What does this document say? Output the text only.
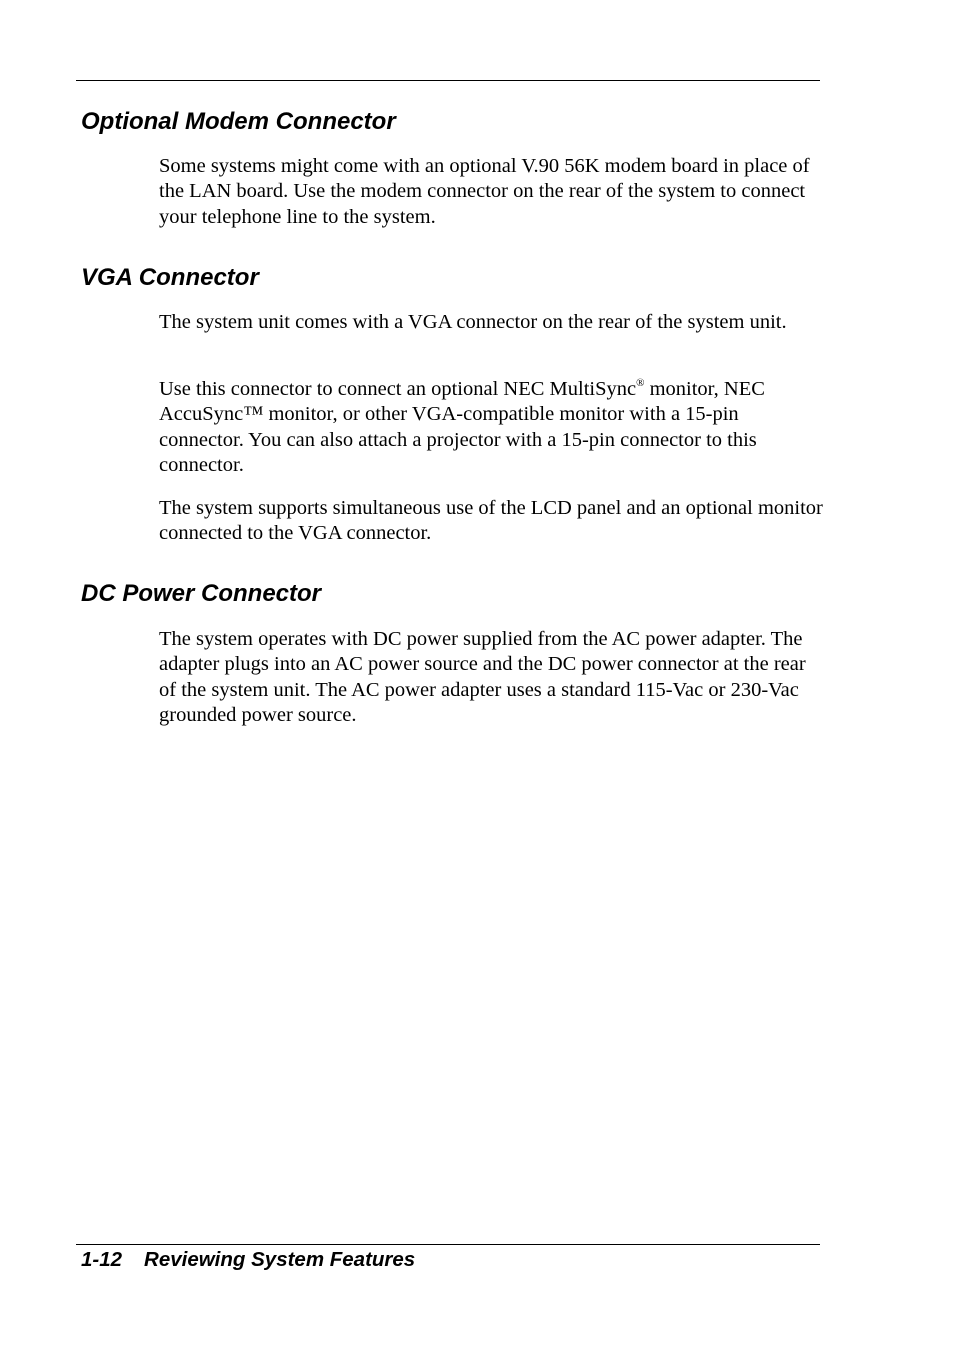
Optional Modem Connector

Some systems might come with an optional V.90 56K modem board in place of the LAN board. Use the modem connector on the rear of the system to connect your telephone line to the system.

VGA Connector

The system unit comes with a VGA connector on the rear of the system unit.

Use this connector to connect an optional NEC MultiSync® monitor, NEC AccuSync™ monitor, or other VGA-compatible monitor with a 15-pin connector. You can also attach a projector with a 15-pin connector to this connector.

The system supports simultaneous use of the LCD panel and an optional monitor connected to the VGA connector.

DC Power Connector

The system operates with DC power supplied from the AC power adapter. The adapter plugs into an AC power source and the DC power connector at the rear of the system unit. The AC power adapter uses a standard 115-Vac or 230-Vac grounded power source.

1-12 Reviewing System Features
